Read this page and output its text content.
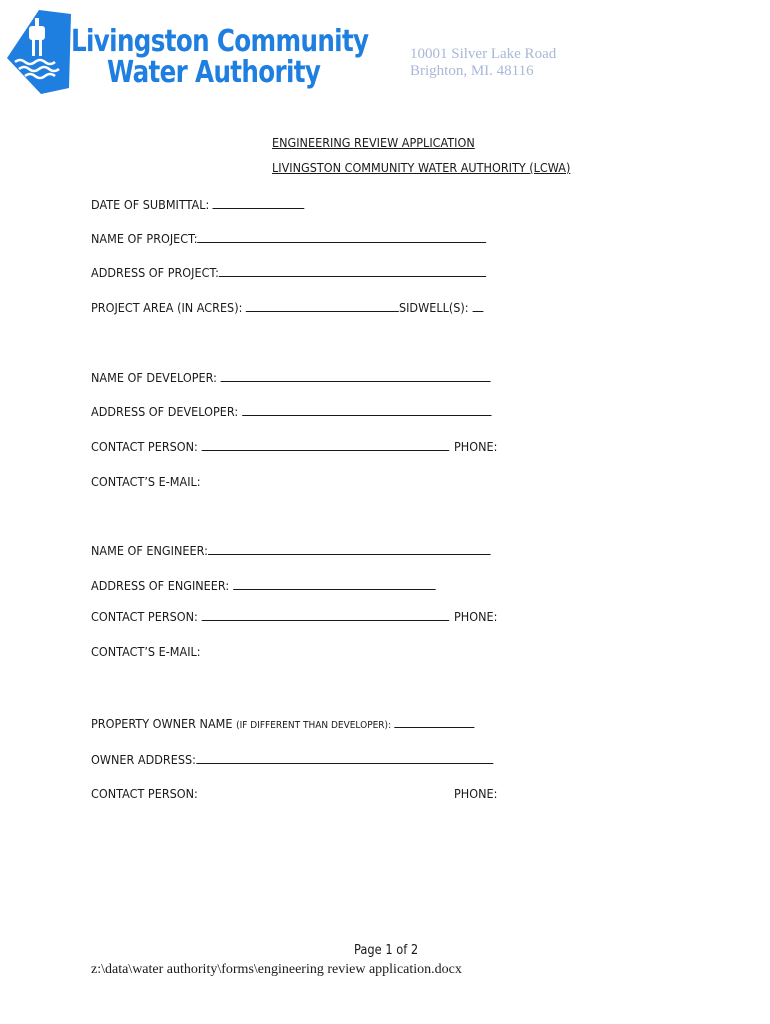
Livingston Community
Water Authority
10001 Silver Lake Road
Brighton, MI. 48116
ENGINEERING REVIEW APPLICATION
LIVINGSTON COMMUNITY WATER AUTHORITY (LCWA)
DATE OF SUBMITTAL:
NAME OF PROJECT:
ADDRESS OF PROJECT:
PROJECT AREA (IN ACRES):	SIDWELL(S):
NAME OF DEVELOPER:
ADDRESS OF DEVELOPER:
CONTACT PERSON:	PHONE:
CONTACT’S E-MAIL:
NAME OF ENGINEER:
ADDRESS OF ENGINEER:
CONTACT PERSON:	PHONE:
CONTACT’S E-MAIL:
PROPERTY OWNER NAME (IF DIFFERENT THAN DEVELOPER):
OWNER ADDRESS:
CONTACT PERSON:	PHONE:
Page 1 of 2
z:\data\water authority\forms\engineering review application.docx
